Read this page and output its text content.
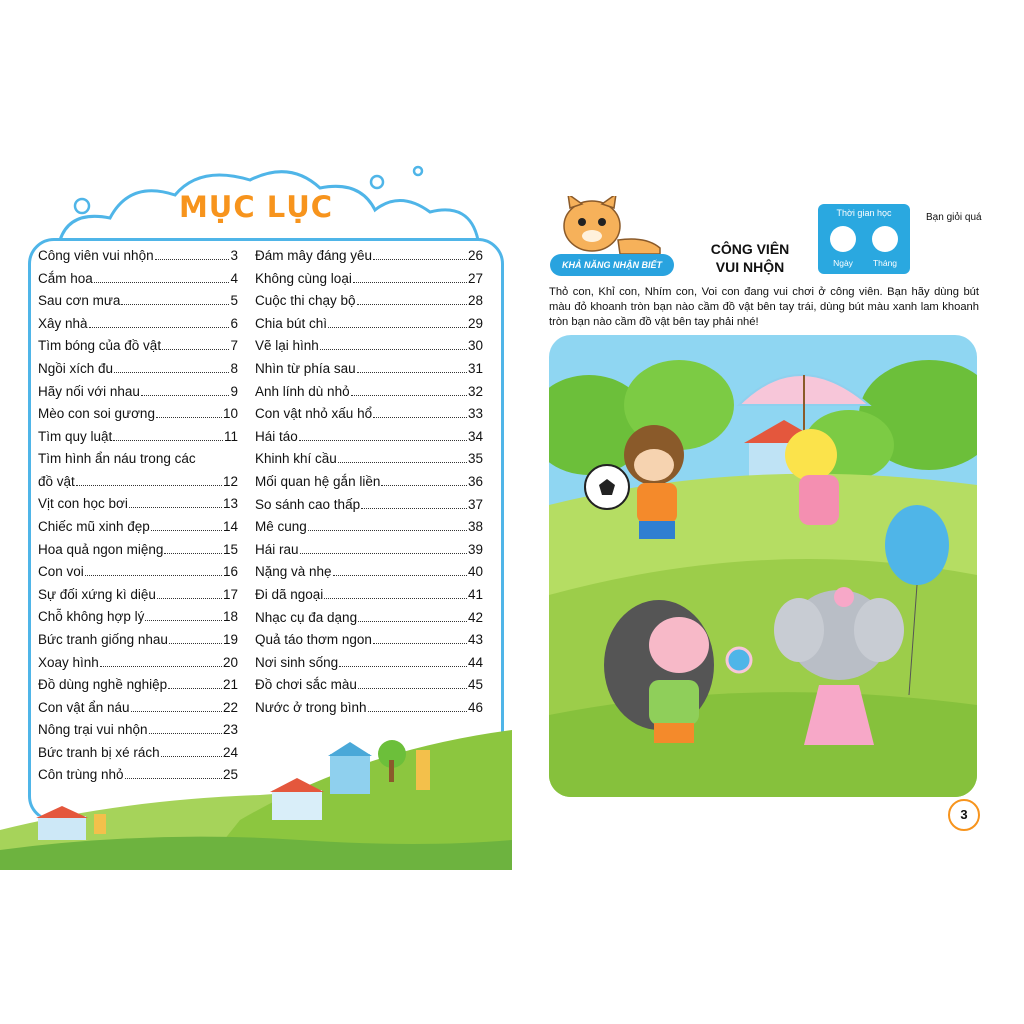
MỤC LỤC
Công viên vui nhộn	3
Cắm hoa	4
Sau cơn mưa	5
Xây nhà	6
Tìm bóng của đồ vật	7
Ngồi xích đu	8
Hãy nối với nhau	9
Mèo con soi gương	10
Tìm quy luật	11
Tìm hình ẩn náu trong các
đồ vật	12
Vịt con học bơi	13
Chiếc mũ xinh đẹp	14
Hoa quả ngon miệng	15
Con voi	16
Sự đối xứng kì diệu	17
Chỗ không hợp lý	18
Bức tranh giống nhau	19
Xoay hình	20
Đồ dùng nghề nghiệp	21
Con vật ẩn náu	22
Nông trại vui nhộn	23
Bức tranh bị xé rách	24
Côn trùng nhỏ	25
Đám mây đáng yêu	26
Không cùng loại	27
Cuộc thi chạy bộ	28
Chia bút chì	29
Vẽ lại hình	30
Nhìn từ phía sau	31
Anh lính dù nhỏ	32
Con vật nhỏ xấu hổ	33
Hái táo	34
Khinh khí cầu	35
Mối quan hệ gắn liền	36
So sánh cao thấp	37
Mê cung	38
Hái rau	39
Nặng và nhẹ	40
Đi dã ngoại	41
Nhạc cụ đa dạng	42
Quả táo thơm ngon	43
Nơi sinh sống	44
Đồ chơi sắc màu	45
Nước ở trong bình	46
KHẢ NĂNG NHẬN BIẾT
CÔNG VIÊN
VUI NHỘN
Thời gian học
Ngày	Tháng
Bạn giỏi quá
Thỏ con, Khỉ con, Nhím con, Voi con đang vui chơi ở công viên. Bạn hãy dùng bút màu đỏ khoanh tròn bạn nào cầm đồ vật bên tay trái, dùng bút màu xanh lam khoanh tròn bạn nào cầm đồ vật bên tay phải nhé!
3
